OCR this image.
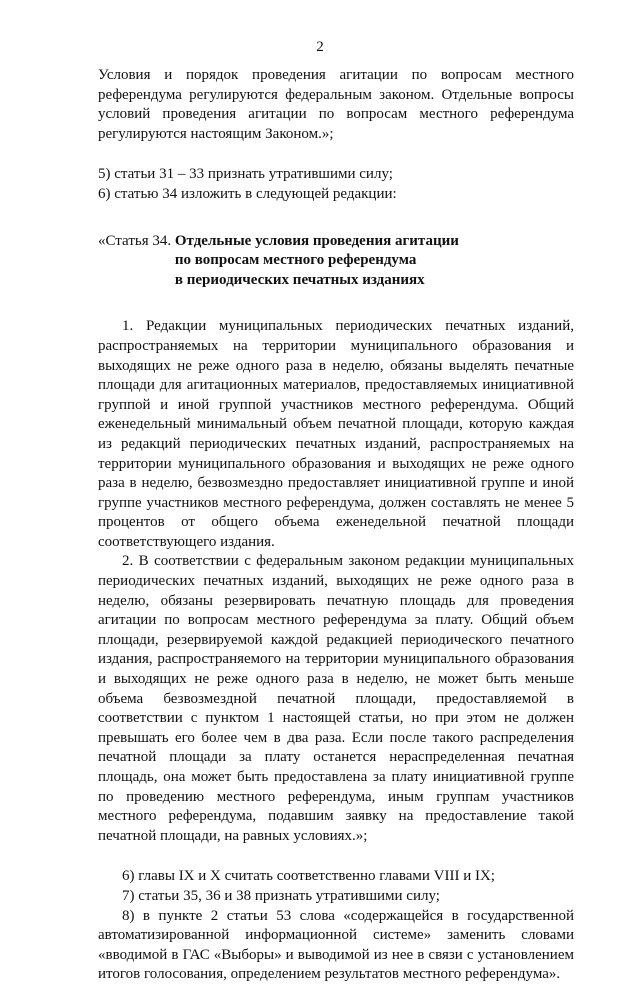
2

Условия и порядок проведения агитации по вопросам местного референдума регулируются федеральным законом. Отдельные вопросы условий проведения агитации по вопросам местного референдума регулируются настоящим Законом.»;

5) статьи 31 – 33 признать утратившими силу;

6) статью 34 изложить в следующей редакции:

«Статья 34. Отдельные условия проведения агитации
по вопросам местного референдума
в периодических печатных изданиях

1. Редакции муниципальных периодических печатных изданий, распространяемых на территории муниципального образования и выходящих не реже одного раза в неделю, обязаны выделять печатные площади для агитационных материалов, предоставляемых инициативной группой и иной группой участников местного референдума. Общий еженедельный минимальный объем печатной площади, которую каждая из редакций периодических печатных изданий, распространяемых на территории муниципального образования и выходящих не реже одного раза в неделю, безвозмездно предоставляет инициативной группе и иной группе участников местного референдума, должен составлять не менее 5 процентов от общего объема еженедельной печатной площади соответствующего издания.

2. В соответствии с федеральным законом редакции муниципальных периодических печатных изданий, выходящих не реже одного раза в неделю, обязаны резервировать печатную площадь для проведения агитации по вопросам местного референдума за плату. Общий объем площади, резервируемой каждой редакцией периодического печатного издания, распространяемого на территории муниципального образования и выходящих не реже одного раза в неделю, не может быть меньше объема безвозмездной печатной площади, предоставляемой в соответствии с пунктом 1 настоящей статьи, но при этом не должен превышать его более чем в два раза. Если после такого распределения печатной площади за плату останется нераспределенная печатная площадь, она может быть предоставлена за плату инициативной группе по проведению местного референдума, иным группам участников местного референдума, подавшим заявку на предоставление такой печатной площади, на равных условиях.»;

6) главы IX и X считать соответственно главами VIII и IX;

7) статьи 35, 36 и 38 признать утратившими силу;

8) в пункте 2 статьи 53 слова «содержащейся в государственной автоматизированной информационной системе» заменить словами «вводимой в ГАС «Выборы» и выводимой из нее в связи с установлением итогов голосования, определением результатов местного референдума».
